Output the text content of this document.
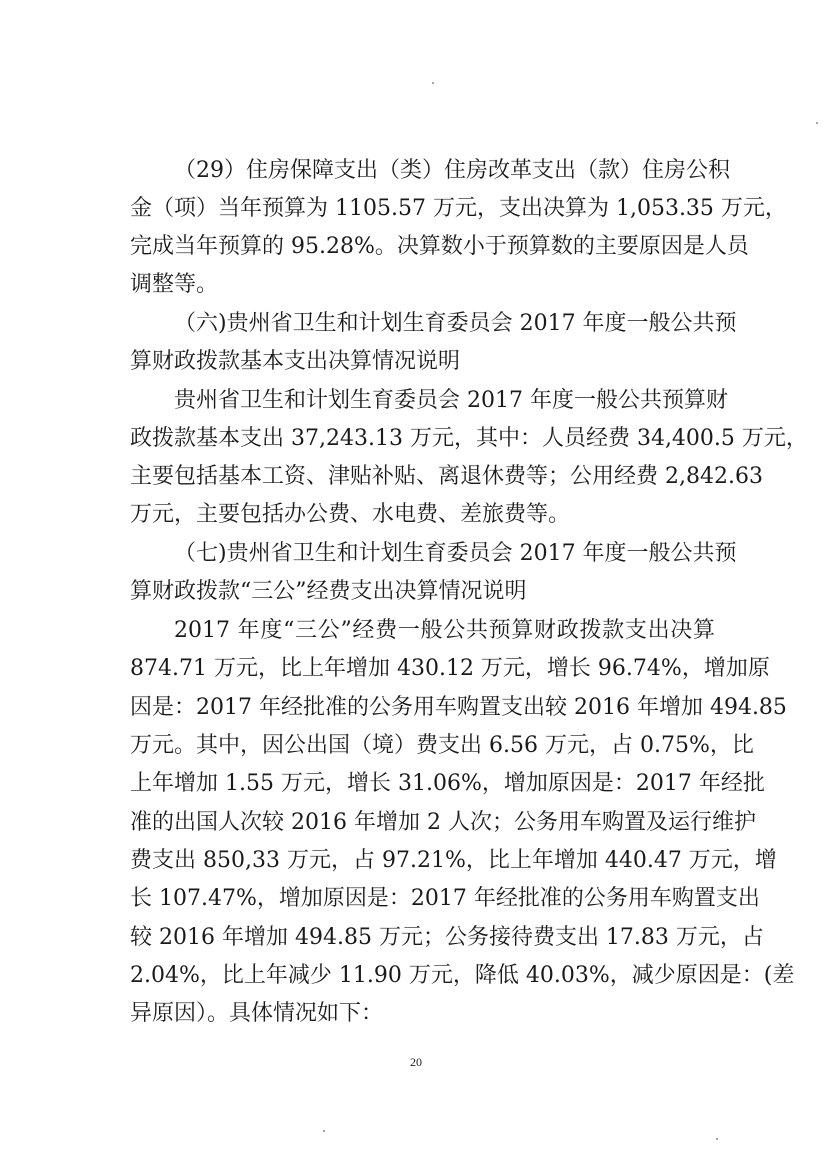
（29）住房保障支出（类）住房改革支出（款）住房公积
金（项）当年预算为 1105.57 万元，支出决算为 1,053.35 万元，
完成当年预算的 95.28%。决算数小于预算数的主要原因是人员
调整等。
（六)贵州省卫生和计划生育委员会 2017 年度一般公共预
算财政拨款基本支出决算情况说明
贵州省卫生和计划生育委员会 2017 年度一般公共预算财
政拨款基本支出 37,243.13 万元，其中：人员经费 34,400.5 万元，
主要包括基本工资、津贴补贴、离退休费等；公用经费 2,842.63
万元，主要包括办公费、水电费、差旅费等。
（七)贵州省卫生和计划生育委员会 2017 年度一般公共预
算财政拨款“三公”经费支出决算情况说明
2017 年度“三公”经费一般公共预算财政拨款支出决算
874.71 万元，比上年增加 430.12 万元，增长 96.74%，增加原
因是：2017 年经批准的公务用车购置支出较 2016 年增加 494.85
万元。其中，因公出国（境）费支出 6.56 万元，占 0.75%，比
上年增加 1.55 万元，增长 31.06%，增加原因是：2017 年经批
准的出国人次较 2016 年增加 2 人次；公务用车购置及运行维护
费支出 850,33 万元，占 97.21%，比上年增加 440.47 万元，增
长 107.47%，增加原因是：2017 年经批准的公务用车购置支出
较 2016 年增加 494.85 万元；公务接待费支出 17.83 万元，占
2.04%，比上年减少 11.90 万元，降低 40.03%，减少原因是：(差
异原因）。具体情况如下：
20
